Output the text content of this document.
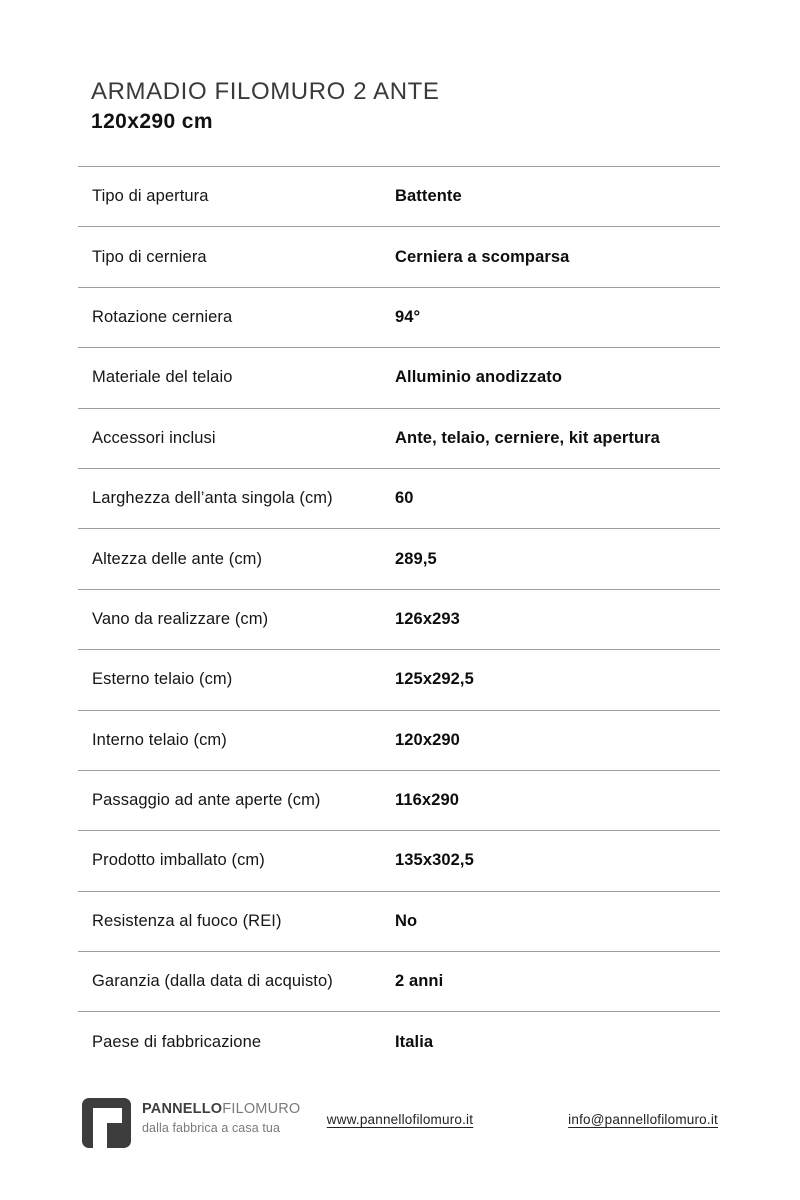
ARMADIO FILOMURO 2 ANTE
120x290 cm
Tipo di apertura	Battente
Tipo di cerniera	Cerniera a scomparsa
Rotazione cerniera	94°
Materiale del telaio	Alluminio anodizzato
Accessori inclusi	Ante, telaio, cerniere, kit apertura
Larghezza dell’anta singola (cm)	60
Altezza delle ante (cm)	289,5
Vano da realizzare (cm)	126x293
Esterno telaio (cm)	125x292,5
Interno telaio (cm)	120x290
Passaggio ad ante aperte (cm)	116x290
Prodotto imballato (cm)	135x302,5
Resistenza al fuoco (REI)	No
Garanzia (dalla data di acquisto)	2 anni
Paese di fabbricazione	Italia
PANNELLOFILOMURO
dalla fabbrica a casa tua
www.pannellofilomuro.it	info@pannellofilomuro.it
